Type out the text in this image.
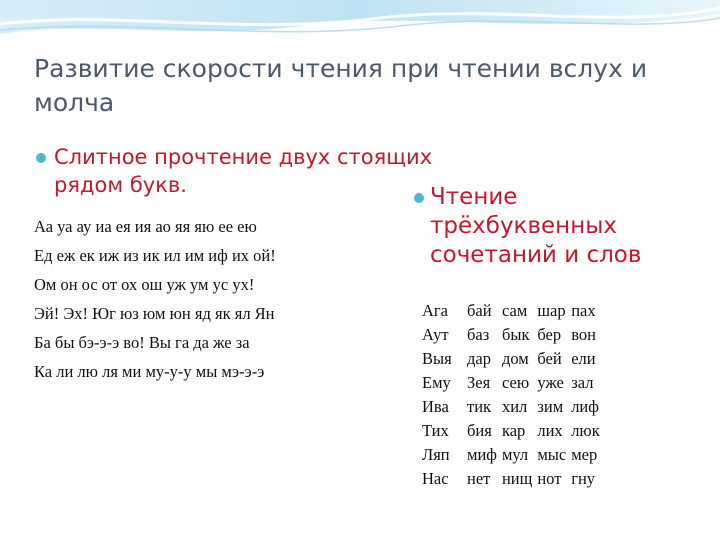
Развитие скорости чтения при чтении вслух и молча
Слитное прочтение двух стоящих рядом букв.	Чтение трёхбуквенных сочетаний и слов
Аа уа ау иа ея ия ао яя яю ее ею
Ед еж ек иж из ик ил им иф их ой!
Ом он ос от ох ош уж ум ус ух!
Эй! Эх! Юг юз юм юн яд як ял Ян
Ба бы бэ-э-э во! Вы га да же за
Ка ли лю ля ми му-у-у мы мэ-э-э
Ага	бай	сам	шар	пах
Аут	баз	бык	бер	вон
Выя	дар	дом	бей	ели
Ему	Зея	сею	уже	зал
Ива	тик	хил	зим	лиф
Тих	бия	кар	лих	люк
Ляп	миф	мул	мыс	мер
Нас	нет	нищ	нот	гну
